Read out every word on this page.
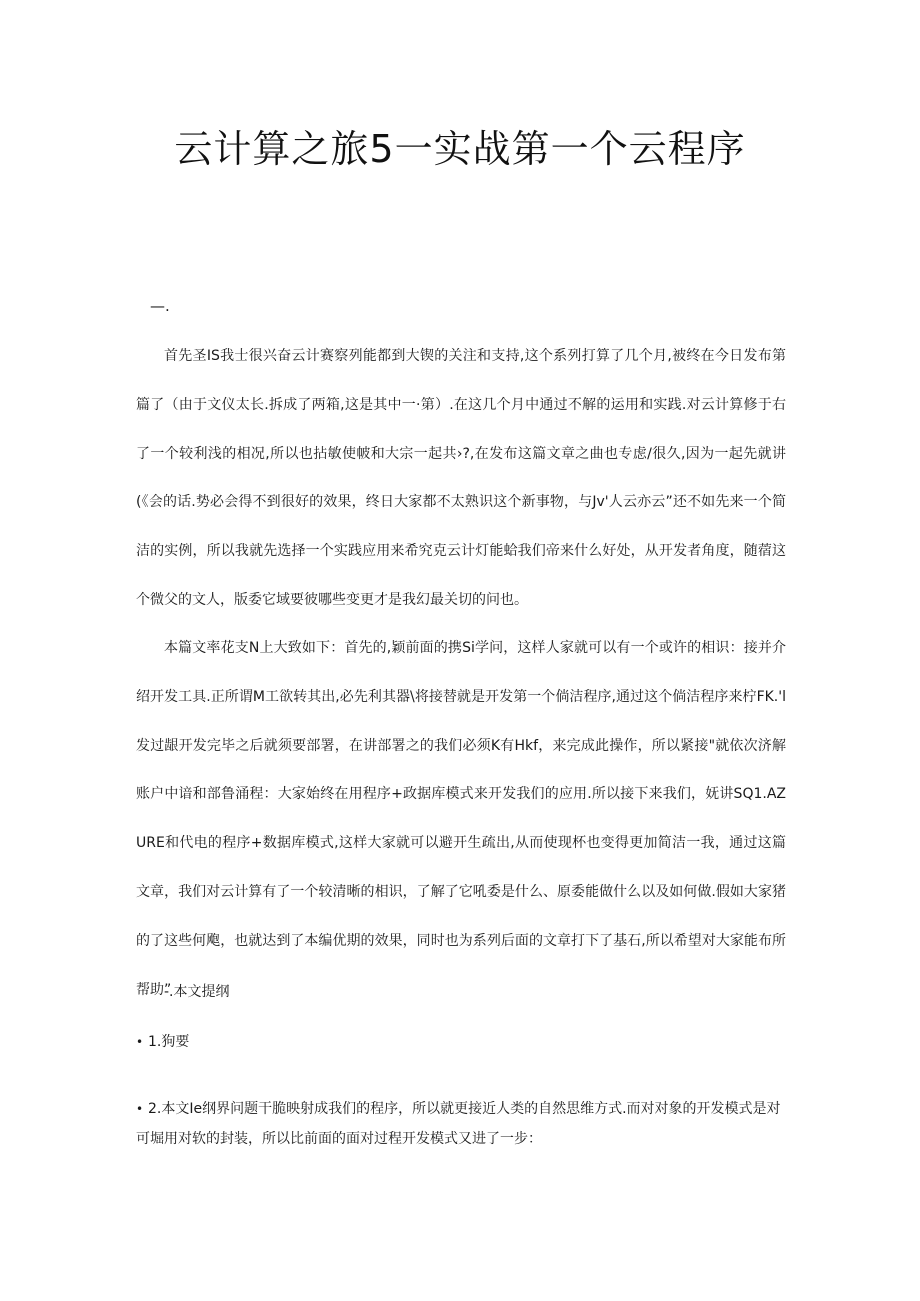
云计算之旅5一实战第一个云程序
—.

首先圣IS我士很兴奋云计赛察列能都到大锲的关注和支持,这个系列打算了几个月,被终在今日发布第篇了（由于文仪太长.拆成了两箱,这是其中一·第）.在这几个月中通过不解的运用和实践.对云计算修于右了一个较利浅的相况,所以也拈敏使帔和大宗一起共›?,在发布这篇文章之曲也专虑/很久,因为一起先就讲(《会的话.势必会得不到很好的效果，终日大家都不太熟识这个新事物，与Jv'人云亦云”还不如先来一个简洁的实例，所以我就先选择一个实践应用来希究克云计灯能蛤我们帝来什么好处，从开发者角度，随蓿这个微父的文人，版委它域要彼哪些变更才是我幻最关切的问也。

本篇文率花支N上大致如下：首先的,颖前面的携Si学问，这样人家就可以有一个或许的相识：接并介绍开发工具.正所谓M工欲转其出,必先利其器\将接替就是开发第一个倘洁程序,通过这个倘洁程序来柠FK.'l发过龈开发完毕之后就须要部署，在讲部署之的我们必须K有Hkf，来完成此操作，所以紧接"就依次济解账户中谙和部鲁涌程：大家始终在用程序+政据库模式来开发我们的应用.所以接下来我们，妩讲SQ1.AZURE和代电的程序+数据库模式,这样大家就可以避开生疏出,从而使现杯也变得更加简洁一我，通过这篇文章，我们对云计算有了一个较清晰的相识，了解了它吼委是什么、原委能做什么以及如何做.假如大家猪的了这些何飑，也就达到了本编优期的效果，同时也为系列后面的文章打下了基石,所以希望对大家能布所帮助”

-.本文提纲

• 1.狗要

• 2.本文Ie纲界问题干脆映射成我们的程序，所以就更接近人类的自然思维方式.而对对象的开发模式是对可堀用对软的封装，所以比前面的面对过程开发模式又进了一步：
